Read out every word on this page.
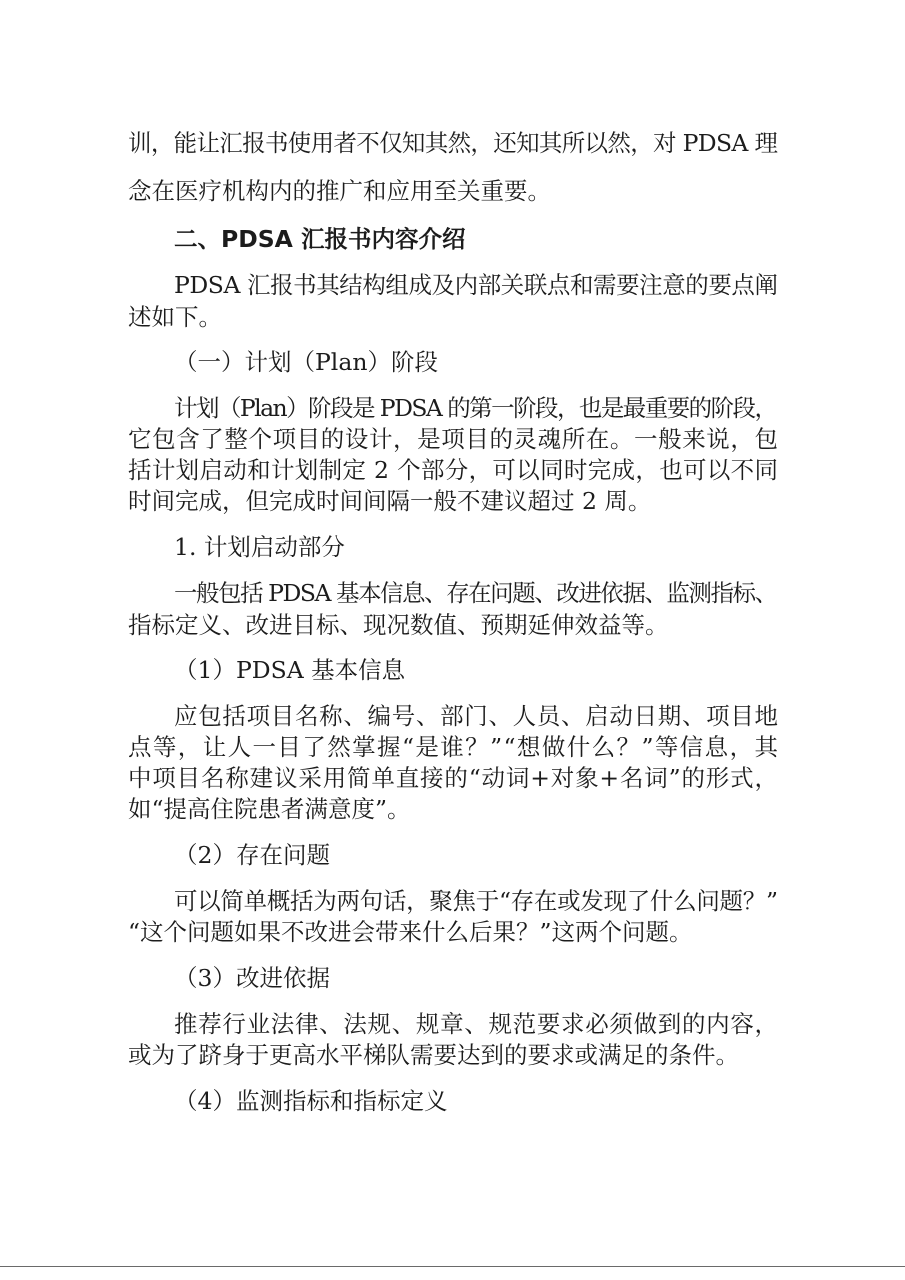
训，能让汇报书使用者不仅知其然，还知其所以然，对 PDSA 理
念在医疗机构内的推广和应用至关重要。
二、PDSA 汇报书内容介绍
PDSA 汇报书其结构组成及内部关联点和需要注意的要点阐
述如下。
（一）计划（Plan）阶段
计划（Plan）阶段是 PDSA 的第一阶段，也是最重要的阶段，
它包含了整个项目的设计，是项目的灵魂所在。一般来说，包
括计划启动和计划制定 2 个部分，可以同时完成，也可以不同
时间完成，但完成时间间隔一般不建议超过 2 周。
1. 计划启动部分
一般包括 PDSA 基本信息、存在问题、改进依据、监测指标、
指标定义、改进目标、现况数值、预期延伸效益等。
（1）PDSA 基本信息
应包括项目名称、编号、部门、人员、启动日期、项目地
点等，让人一目了然掌握“是谁？”“想做什么？”等信息，其
中项目名称建议采用简单直接的“动词+对象+名词”的形式，
如“提高住院患者满意度”。
（2）存在问题
可以简单概括为两句话，聚焦于“存在或发现了什么问题？”
“这个问题如果不改进会带来什么后果？”这两个问题。
（3）改进依据
推荐行业法律、法规、规章、规范要求必须做到的内容，
或为了跻身于更高水平梯队需要达到的要求或满足的条件。
（4）监测指标和指标定义
